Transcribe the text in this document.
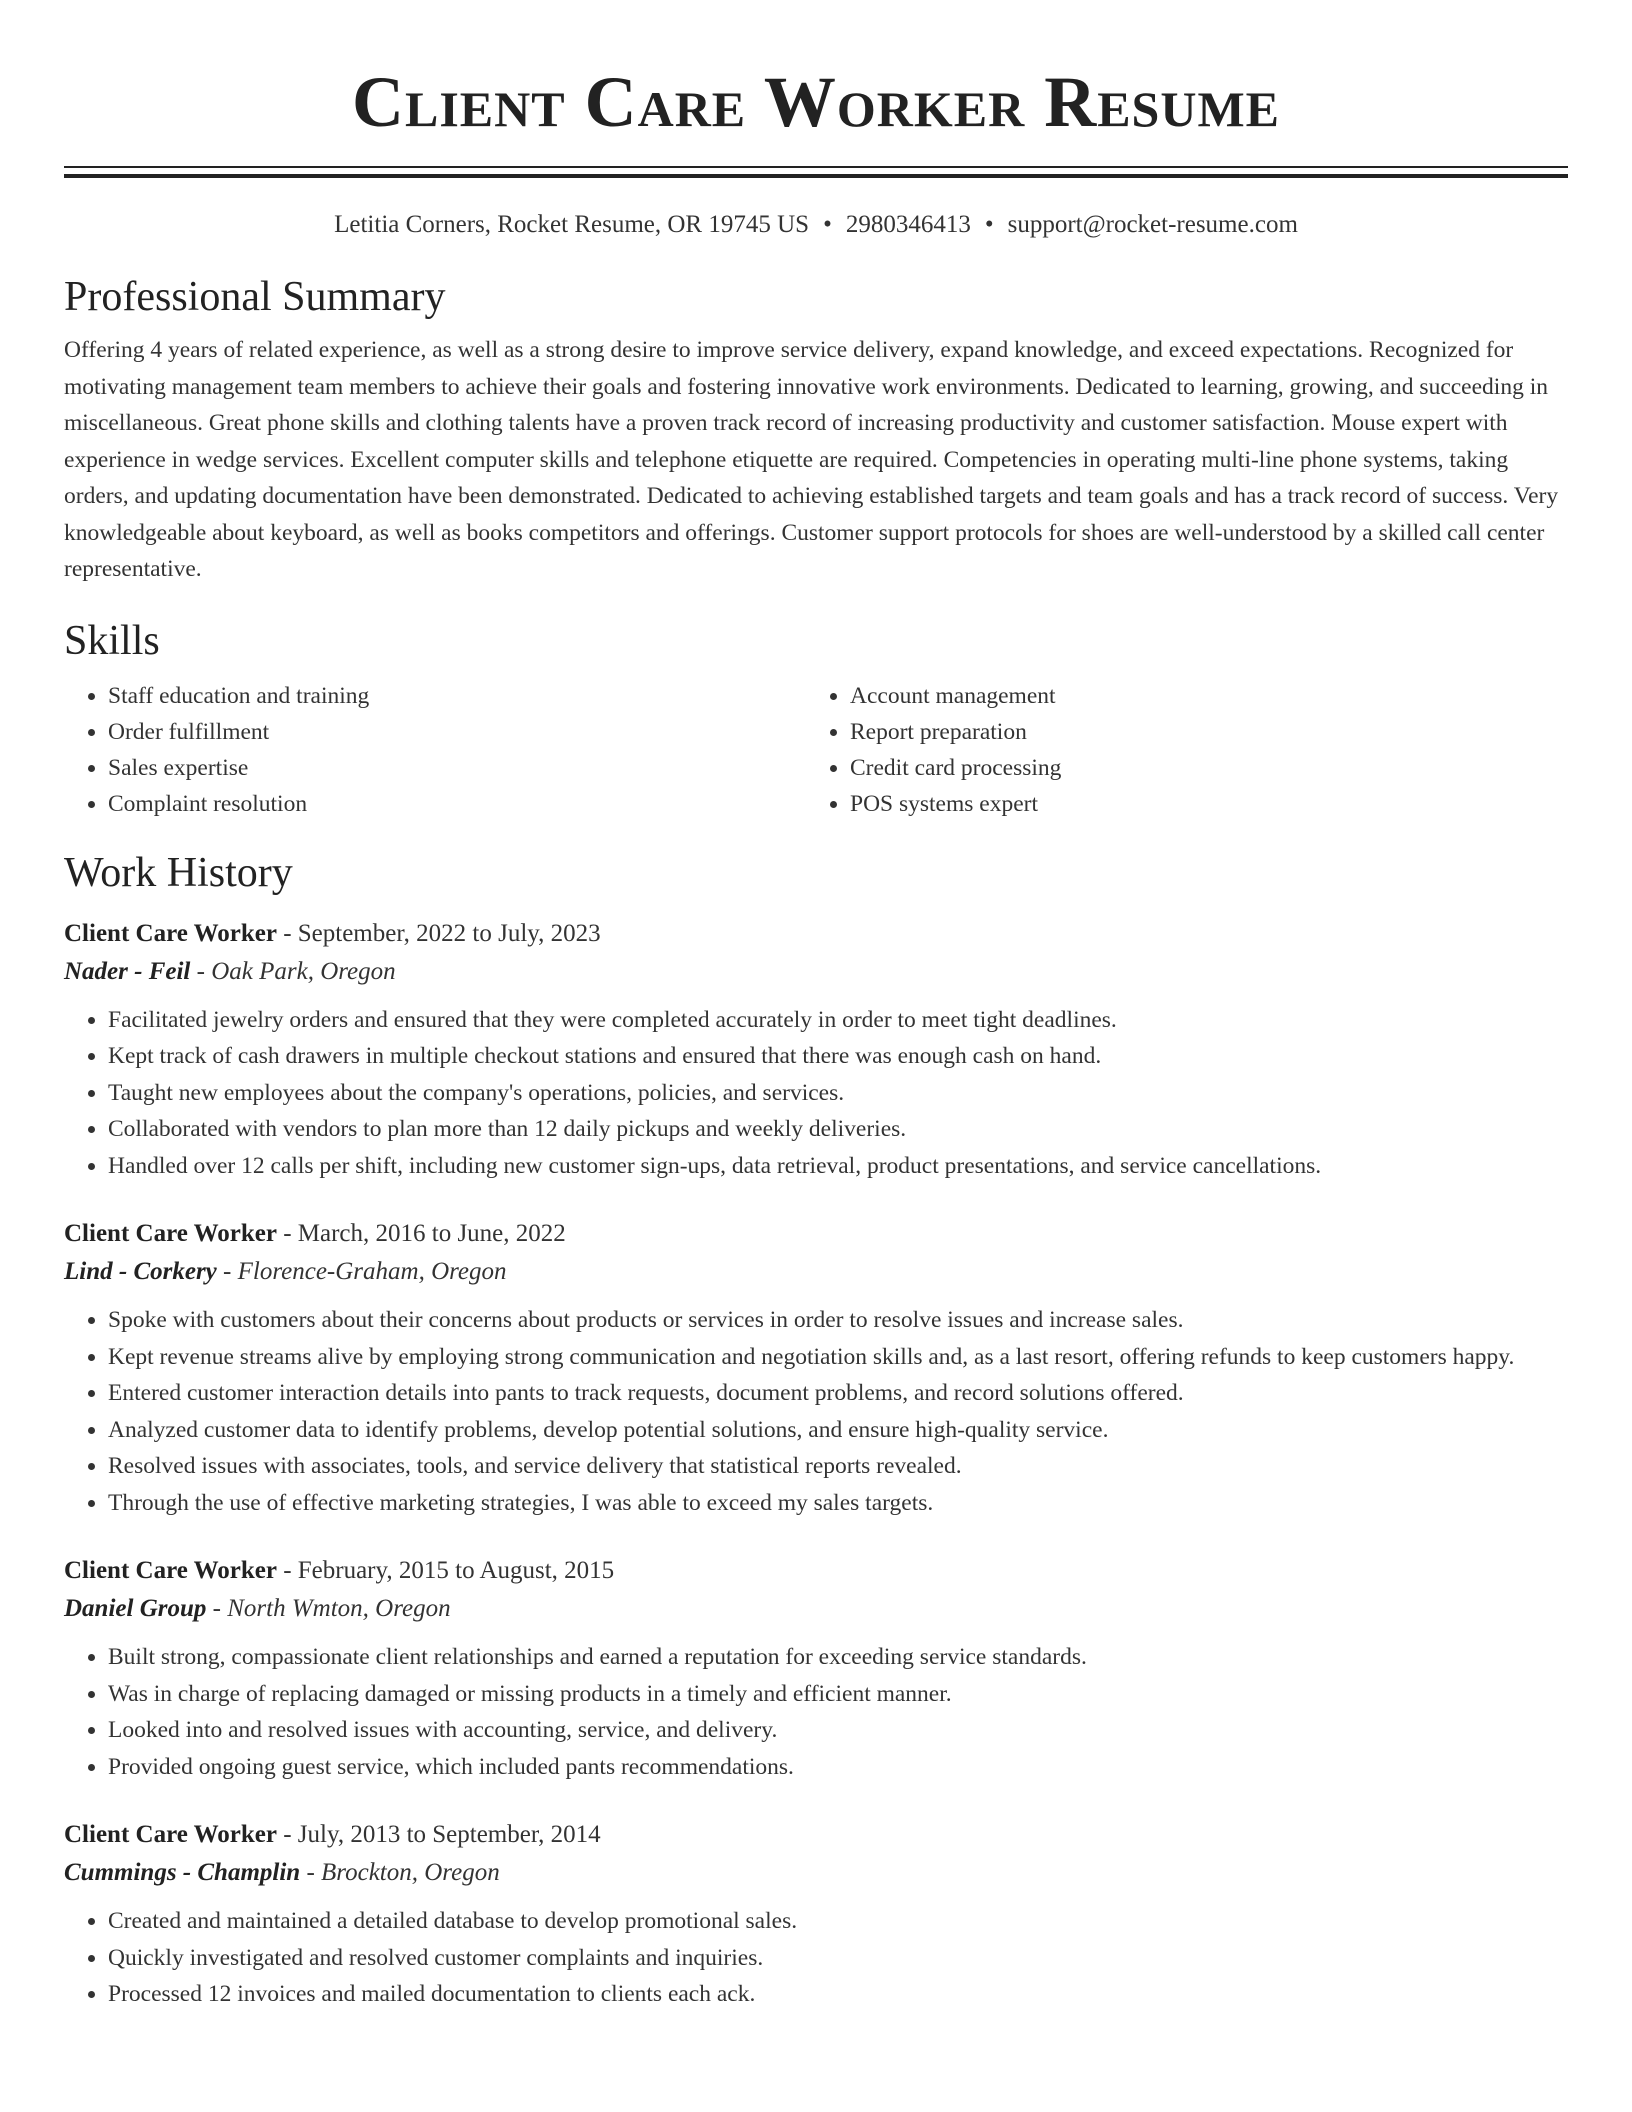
Client Care Worker Resume
Letitia Corners, Rocket Resume, OR 19745 US • 2980346413 • support@rocket-resume.com
Professional Summary

Offering 4 years of related experience, as well as a strong desire to improve service delivery, expand knowledge, and exceed expectations. Recognized for motivating management team members to achieve their goals and fostering innovative work environments. Dedicated to learning, growing, and succeeding in miscellaneous. Great phone skills and clothing talents have a proven track record of increasing productivity and customer satisfaction. Mouse expert with experience in wedge services. Excellent computer skills and telephone etiquette are required. Competencies in operating multi-line phone systems, taking orders, and updating documentation have been demonstrated. Dedicated to achieving established targets and team goals and has a track record of success. Very knowledgeable about keyboard, as well as books competitors and offerings. Customer support protocols for shoes are well-understood by a skilled call center representative.

Skills
• Staff education and training
• Order fulfillment
• Sales expertise
• Complaint resolution
• Account management
• Report preparation
• Credit card processing
• POS systems expert
Work History
Client Care Worker - September, 2022 to July, 2023
Nader - Feil - Oak Park, Oregon
• Facilitated jewelry orders and ensured that they were completed accurately in order to meet tight deadlines.
• Kept track of cash drawers in multiple checkout stations and ensured that there was enough cash on hand.
• Taught new employees about the company's operations, policies, and services.
• Collaborated with vendors to plan more than 12 daily pickups and weekly deliveries.
• Handled over 12 calls per shift, including new customer sign-ups, data retrieval, product presentations, and service cancellations.
Client Care Worker - March, 2016 to June, 2022
Lind - Corkery - Florence-Graham, Oregon
• Spoke with customers about their concerns about products or services in order to resolve issues and increase sales.
• Kept revenue streams alive by employing strong communication and negotiation skills and, as a last resort, offering refunds to keep customers happy.
• Entered customer interaction details into pants to track requests, document problems, and record solutions offered.
• Analyzed customer data to identify problems, develop potential solutions, and ensure high-quality service.
• Resolved issues with associates, tools, and service delivery that statistical reports revealed.
• Through the use of effective marketing strategies, I was able to exceed my sales targets.
Client Care Worker - February, 2015 to August, 2015
Daniel Group - North Wmton, Oregon
• Built strong, compassionate client relationships and earned a reputation for exceeding service standards.
• Was in charge of replacing damaged or missing products in a timely and efficient manner.
• Looked into and resolved issues with accounting, service, and delivery.
• Provided ongoing guest service, which included pants recommendations.
Client Care Worker - July, 2013 to September, 2014
Cummings - Champlin - Brockton, Oregon
• Created and maintained a detailed database to develop promotional sales.
• Quickly investigated and resolved customer complaints and inquiries.
• Processed 12 invoices and mailed documentation to clients each ack.
